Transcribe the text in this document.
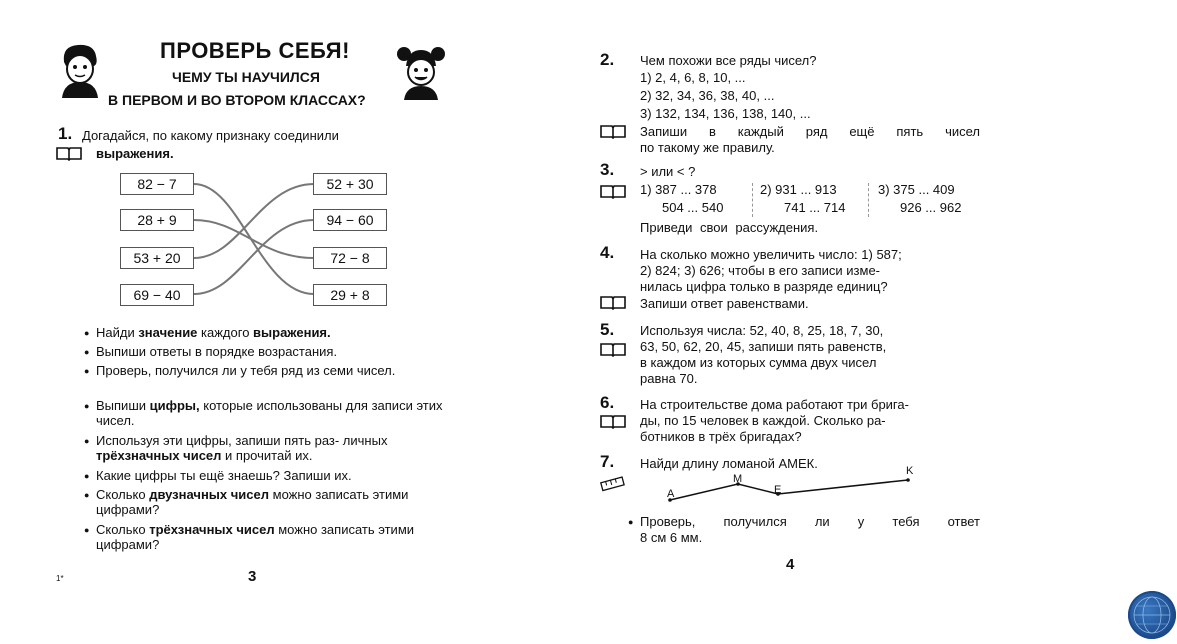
ПРОВЕРЬ СЕБЯ!
ЧЕМУ ТЫ НАУЧИЛСЯ
В ПЕРВОМ И ВО ВТОРОМ КЛАССАХ?
1. Догадайся, по какому признаку соединили
выражения.
82 − 7
28 + 9
53 + 20
69 − 40
52 + 30
94 − 60
72 − 8
29 + 8
● Найди значение каждого выражения.
● Выпиши ответы в порядке возрастания.
● Проверь, получился ли у тебя ряд из семи чисел.
● Выпиши цифры, которые использованы для записи этих чисел.
● Используя эти цифры, запиши пять раз- личных трёхзначных чисел и прочитай их.
● Какие цифры ты ещё знаешь? Запиши их.
● Сколько двузначных чисел можно записать этими цифрами?
● Сколько трёхзначных чисел можно записать этими цифрами?
1*	3
2. Чем похожи все ряды чисел?
1) 2, 4, 6, 8, 10, ...
2) 32, 34, 36, 38, 40, ...
3) 132, 134, 136, 138, 140, ...
Запиши в каждый ряд ещё пять чисел
по такому же правилу.
3. > или < ?
1) 387 ... 378
504 ... 540
2) 931 ... 913
741 ... 714
3) 375 ... 409
926 ... 962
Приведи свои рассуждения.
4. На сколько можно увеличить число: 1) 587;
2) 824; 3) 626; чтобы в его записи изме-
нилась цифра только в разряде единиц?
Запиши ответ равенствами.
5. Используя числа: 52, 40, 8, 25, 18, 7, 30,
63, 50, 62, 20, 45, запиши пять равенств,
в каждом из которых сумма двух чисел
равна 70.
6. На строительстве дома работают три брига-
ды, по 15 человек в каждой. Сколько ра-
ботников в трёх бригадах?
7. Найди длину ломаной АМЕК.
A
M
E
K
● Проверь, получился ли у тебя ответ
8 см 6 мм.
4
